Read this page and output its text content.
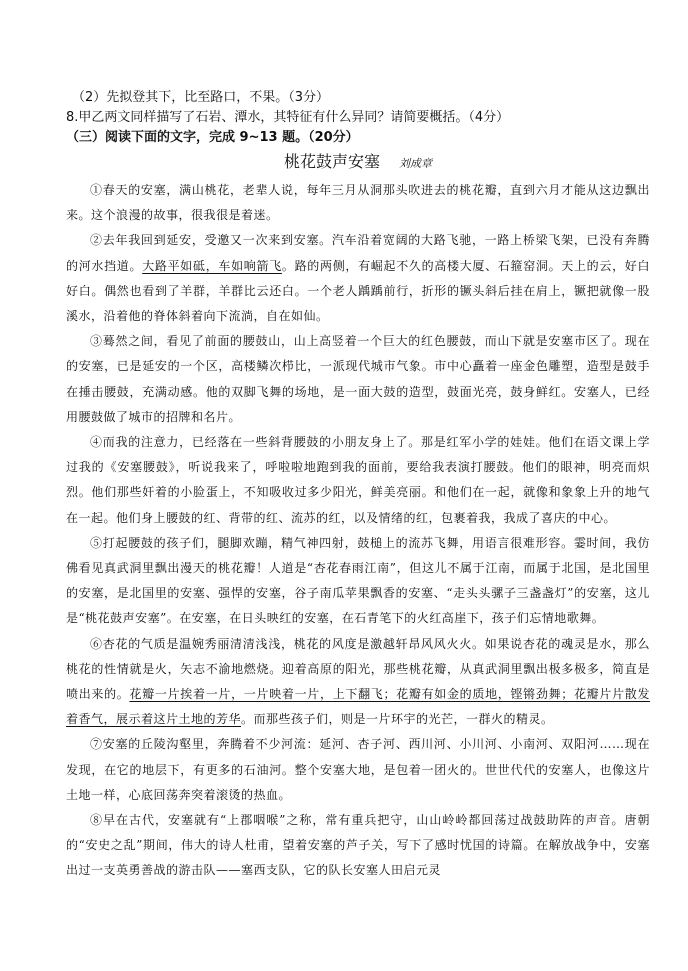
（2）先拟登其下，比至路口，不果。（3分）
8.甲乙两文同样描写了石岩、潭水，其特征有什么异同？请简要概括。（4分）
（三）阅读下面的文字，完成 9~13 题。（20分）
桃花鼓声安塞 刘成章
①春天的安塞，满山桃花，老辈人说，每年三月从洞那头吹进去的桃花瓣，直到六月才能从这边飘出来。这个浪漫的故事，很我很是着迷。
②去年我回到延安，受邀又一次来到安塞。汽车沿着宽阔的大路飞驰，一路上桥梁飞架，已没有奔腾的河水挡道。大路平如砥，车如响箭飞。路的两侧，有崛起不久的高楼大厦、石箍窑洞。天上的云，好白好白。偶然也看到了羊群，羊群比云还白。一个老人踽踽前行，折形的镢头斜后挂在肩上，镢把就像一股溪水，沿着他的脊体斜着向下流淌，自在如仙。
③蓦然之间，看见了前面的腰鼓山，山上高竖着一个巨大的红色腰鼓，而山下就是安塞市区了。现在的安塞，已是延安的一个区，高楼鳞次栉比，一派现代城市气象。市中心矗着一座金色雕塑，造型是鼓手在捶击腰鼓，充满动感。他的双脚飞舞的场地，是一面大鼓的造型，鼓面光亮，鼓身鲜红。安塞人，已经用腰鼓做了城市的招牌和名片。
④而我的注意力，已经落在一些斜背腰鼓的小朋友身上了。那是红军小学的娃娃。他们在语文课上学过我的《安塞腰鼓》，听说我来了，呼啦啦地跑到我的面前，要给我表演打腰鼓。他们的眼神，明亮而炽烈。他们那些奸着的小脸蛋上，不知吸收过多少阳光，鲜美亮丽。和他们在一起，就像和象象上升的地气在一起。他们身上腰鼓的红、背带的红、流苏的红，以及情绪的红，包裹着我，我成了喜庆的中心。
⑤打起腰鼓的孩子们，腿脚欢蹦，精气神四射，鼓槌上的流苏飞舞，用语言很难形容。霎时间，我仿佛看见真武洞里飘出漫天的桃花瓣！人道是“杏花春雨江南”，但这儿不属于江南，而属于北国，是北国里的安塞，是北国里的安塞、强悍的安塞，谷子南瓜苹果飘香的安塞、“走头头骡子三盏盏灯”的安塞，这儿是“桃花鼓声安塞”。在安塞，在日头映红的安塞，在石青笔下的火红高崖下，孩子们忘情地歌舞。
⑥杏花的气质是温婉秀丽清清浅浅，桃花的风度是激越轩昂风风火火。如果说杏花的魂灵是水，那么桃花的性情就是火，矢志不渝地燃烧。迎着高原的阳光，那些桃花瓣，从真武洞里飘出极多极多，简直是喷出来的。花瓣一片挨着一片，一片映着一片，上下翻飞；花瓣有如金的质地，铿锵劲舞；花瓣片片散发着香气，展示着这片土地的芳华。而那些孩子们，则是一片环宇的光芒，一群火的精灵。
⑦安塞的丘陵沟壑里，奔腾着不少河流：延河、杏子河、西川河、小川河、小南河、双阳河……现在发现，在它的地层下，有更多的石油河。整个安塞大地，是包着一团火的。世世代代的安塞人，也像这片土地一样，心底回荡奔突着滚烫的热血。
⑧早在古代，安塞就有“上郡咽喉”之称，常有重兵把守，山山岭岭都回荡过战鼓助阵的声音。唐朝的“安史之乱”期间，伟大的诗人杜甫，望着安塞的芦子关，写下了感时忧国的诗篇。在解放战争中，安塞出过一支英勇善战的游击队——塞西支队，它的队长安塞人田启元灵
